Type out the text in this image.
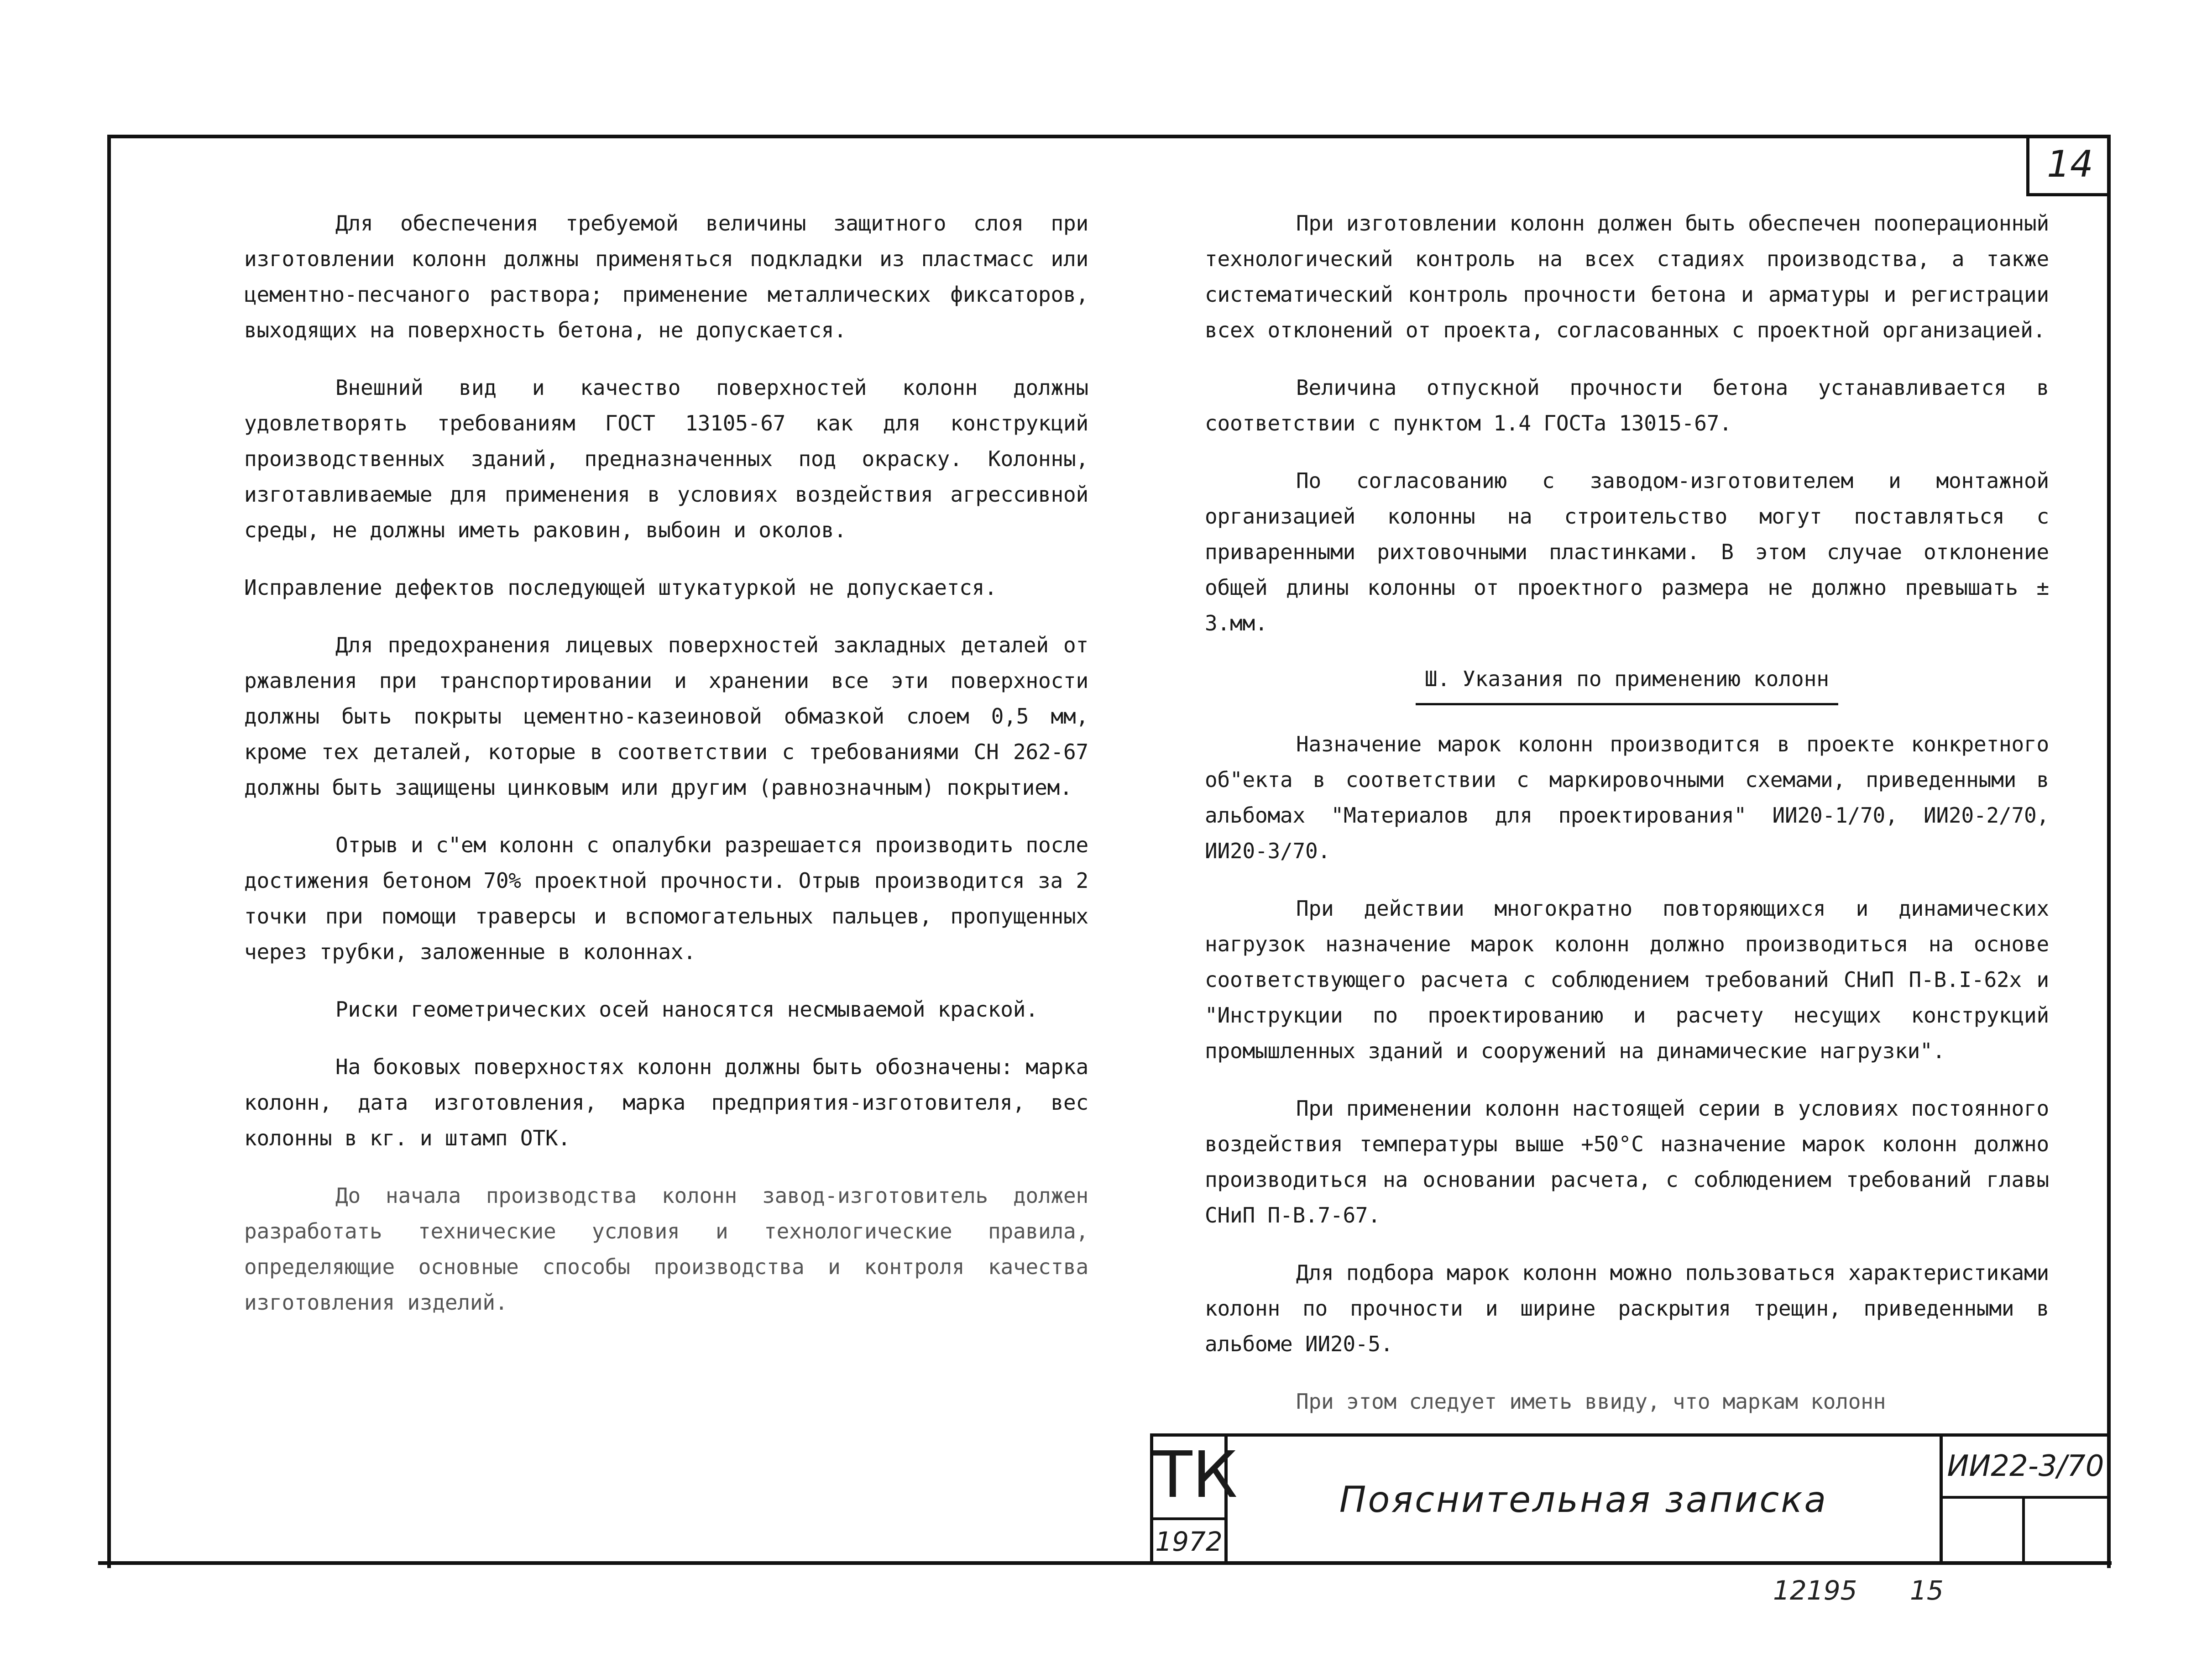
14

Для обеспечения требуемой величины защитного слоя при изготовлении колонн должны применяться подкладки из пластмасс или цементно-песчаного раствора; применение металлических фиксаторов, выходящих на поверхность бетона, не допускается.

Внешний вид и качество поверхностей колонн должны удовлетворять требованиям ГОСТ 13105-67 как для конструкций производственных зданий, предназначенных под окраску. Колонны, изготавливаемые для применения в условиях воздействия агрессивной среды, не должны иметь раковин, выбоин и околов.

Исправление дефектов последующей штукатуркой не допускается.

Для предохранения лицевых поверхностей закладных деталей от ржавления при транспортировании и хранении все эти поверхности должны быть покрыты цементно-казеиновой обмазкой слоем 0,5 мм, кроме тех деталей, которые в соответствии с требованиями СН 262-67 должны быть защищены цинковым или другим (равнозначным) покрытием.

Отрыв и с"ем колонн с опалубки разрешается производить после достижения бетоном 70% проектной прочности. Отрыв производится за 2 точки при помощи траверсы и вспомогательных пальцев, пропущенных через трубки, заложенные в колоннах.

Риски геометрических осей наносятся несмываемой краской.

На боковых поверхностях колонн должны быть обозначены: марка колонн, дата изготовления, марка предприятия-изготовителя, вес колонны в кг. и штамп ОТК.

До начала производства колонн завод-изготовитель должен разработать технические условия и технологические правила, определяющие основные способы производства и контроля качества изготовления изделий.

При изготовлении колонн должен быть обеспечен пооперационный технологический контроль на всех стадиях производства, а также систематический контроль прочности бетона и арматуры и регистрации всех отклонений от проекта, согласованных с проектной организацией.

Величина отпускной прочности бетона устанавливается в соответствии с пунктом 1.4 ГОСТа 13015-67.

По согласованию с заводом-изготовителем и монтажной организацией колонны на строительство могут поставляться с приваренными рихтовочными пластинками. В этом случае отклонение общей длины колонны от проектного размера не должно превышать ± 3.мм.

Ш. Указания по применению колонн

Назначение марок колонн производится в проекте конкретного об"екта в соответствии с маркировочными схемами, приведенными в альбомах "Материалов для проектирования" ИИ20-1/70, ИИ20-2/70, ИИ20-3/70.

При действии многократно повторяющихся и динамических нагрузок назначение марок колонн должно производиться на основе соответствующего расчета с соблюдением требований СНиП П-В.I-62х и "Инструкции по проектированию и расчету несущих конструкций промышленных зданий и сооружений на динамические нагрузки".

При применении колонн настоящей серии в условиях постоянного воздействия температуры выше +50°С назначение марок колонн должно производиться на основании расчета, с соблюдением требований главы СНиП П-В.7-67.

Для подбора марок колонн можно пользоваться характеристиками колонн по прочности и ширине раскрытия трещин, приведенными в альбоме ИИ20-5.

При этом следует иметь ввиду, что маркам колонн

ТК
1972
Пояснительная записка
ИИ22-3/70
12195 15
